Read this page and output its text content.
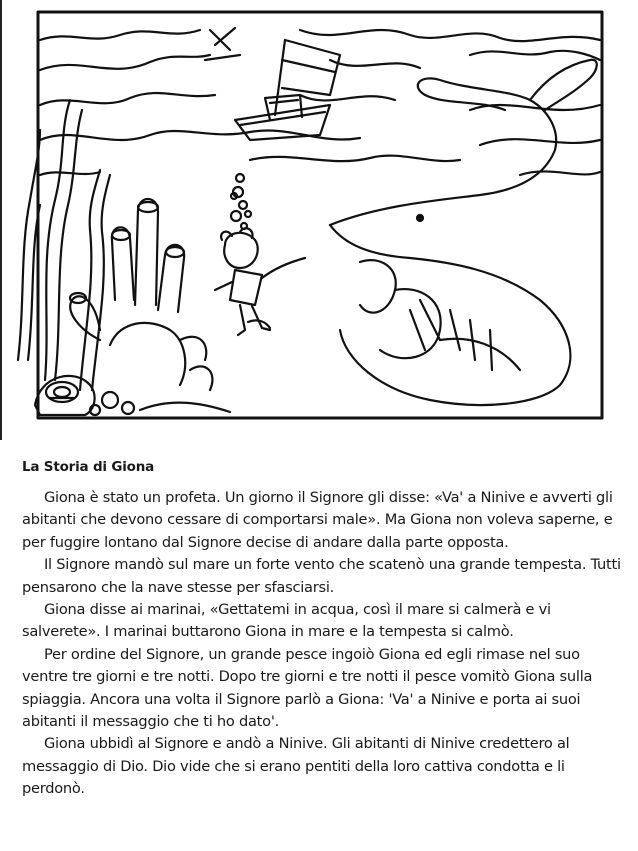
La Storia di Giona

Giona è stato un profeta. Un giorno il Signore gli disse: «Va' a Ninive e avverti gli abitanti che devono cessare di comportarsi male». Ma Giona non voleva saperne, e per fuggire lontano dal Signore decise di andare dalla parte opposta.

Il Signore mandò sul mare un forte vento che scatenò una grande tempesta. Tutti pensarono che la nave stesse per sfasciarsi.

Giona disse ai marinai, «Gettatemi in acqua, così il mare si calmerà e vi salverete». I marinai buttarono Giona in mare e la tempesta si calmò.

Per ordine del Signore, un grande pesce ingoiò Giona ed egli rimase nel suo ventre tre giorni e tre notti. Dopo tre giorni e tre notti il pesce vomitò Giona sulla spiaggia. Ancora una volta il Signore parlò a Giona: 'Va' a Ninive e porta ai suoi abitanti il messaggio che ti ho dato'.

Giona ubbidì al Signore e andò a Ninive. Gli abitanti di Ninive credettero al messaggio di Dio. Dio vide che si erano pentiti della loro cattiva condotta e li perdonò.
